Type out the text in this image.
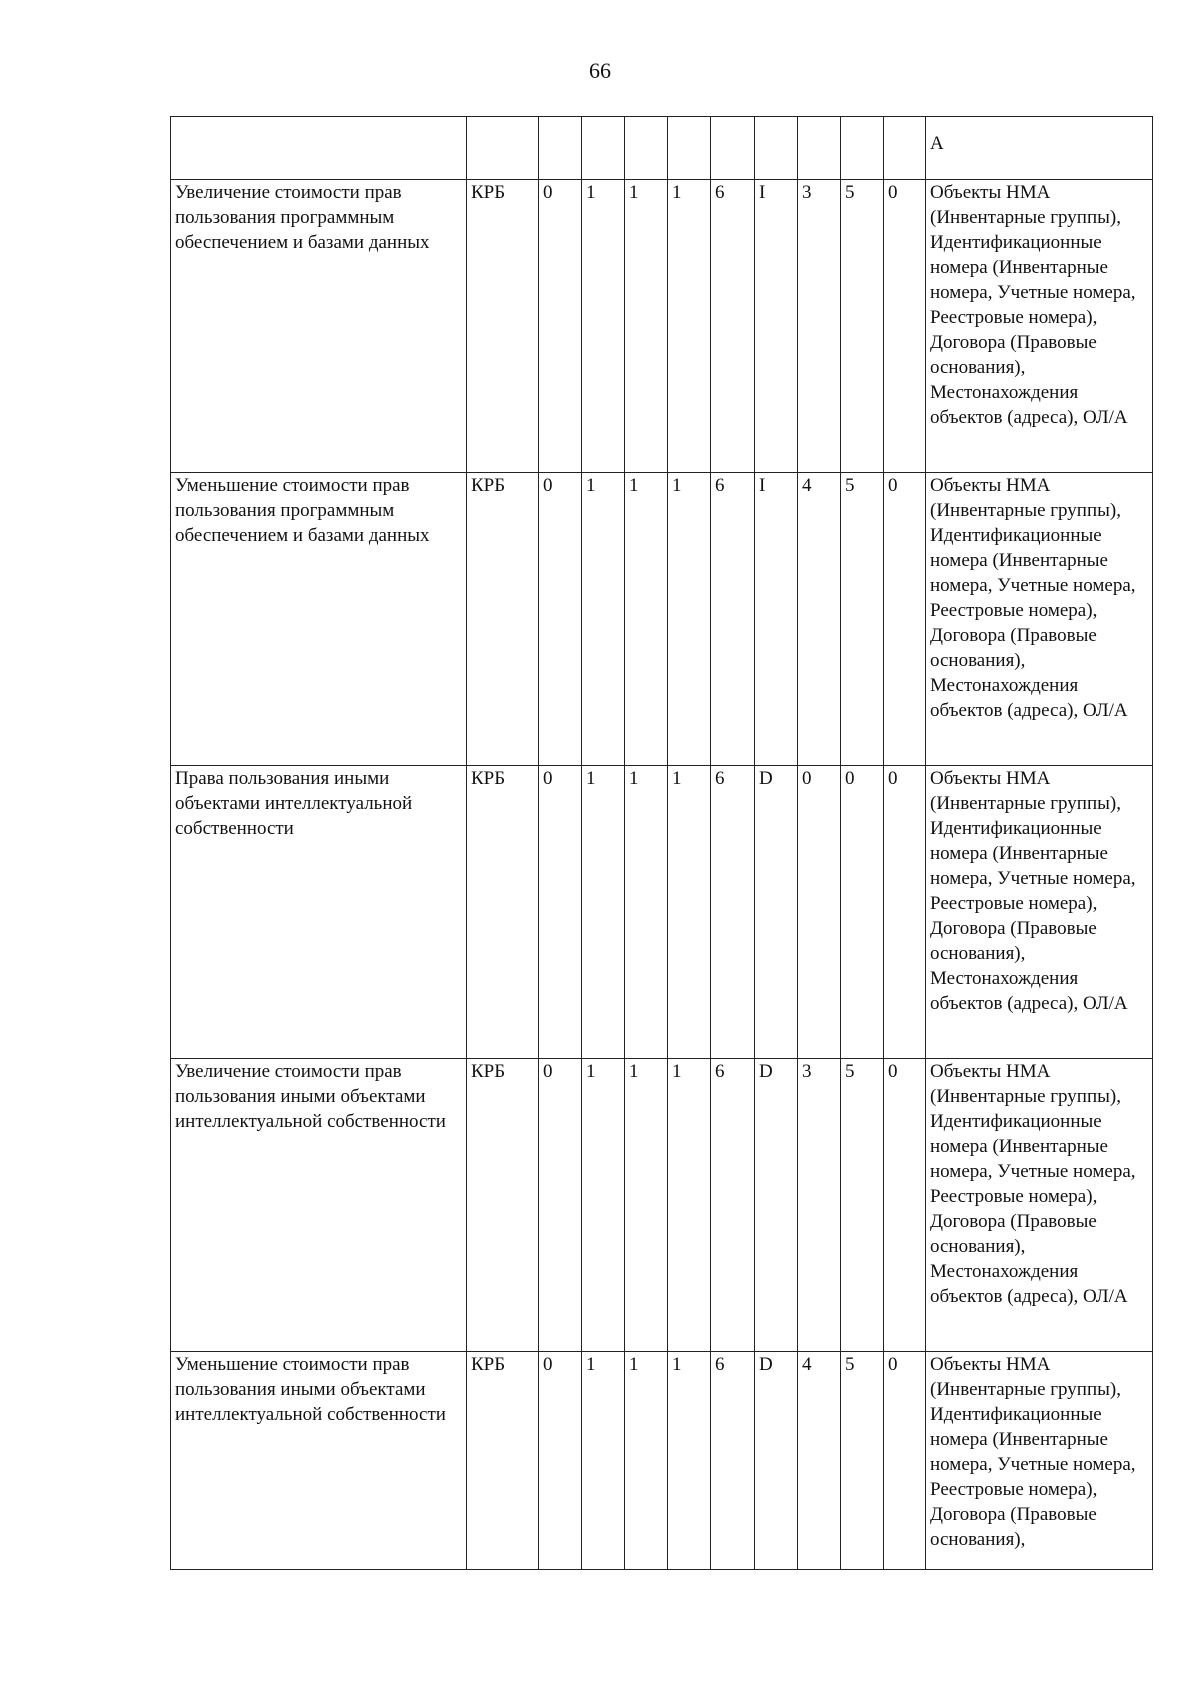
66
											А
Увеличение стоимости прав пользования программным обеспечением и базами данных	КРБ	0	1	1	1	6	I	3	5	0	Объекты НМА (Инвентарные группы), Идентификационные номера (Инвентарные номера, Учетные номера, Реестровые номера), Договора (Правовые основания), Местонахождения объектов (адреса), ОЛ/А
Уменьшение стоимости прав пользования программным обеспечением и базами данных	КРБ	0	1	1	1	6	I	4	5	0	Объекты НМА (Инвентарные группы), Идентификационные номера (Инвентарные номера, Учетные номера, Реестровые номера), Договора (Правовые основания), Местонахождения объектов (адреса), ОЛ/А
Права пользования иными объектами интеллектуальной собственности	КРБ	0	1	1	1	6	D	0	0	0	Объекты НМА (Инвентарные группы), Идентификационные номера (Инвентарные номера, Учетные номера, Реестровые номера), Договора (Правовые основания), Местонахождения объектов (адреса), ОЛ/А
Увеличение стоимости прав пользования иными объектами интеллектуальной собственности	КРБ	0	1	1	1	6	D	3	5	0	Объекты НМА (Инвентарные группы), Идентификационные номера (Инвентарные номера, Учетные номера, Реестровые номера), Договора (Правовые основания), Местонахождения объектов (адреса), ОЛ/А
Уменьшение стоимости прав пользования иными объектами интеллектуальной собственности	КРБ	0	1	1	1	6	D	4	5	0	Объекты НМА (Инвентарные группы), Идентификационные номера (Инвентарные номера, Учетные номера, Реестровые номера), Договора (Правовые основания),
